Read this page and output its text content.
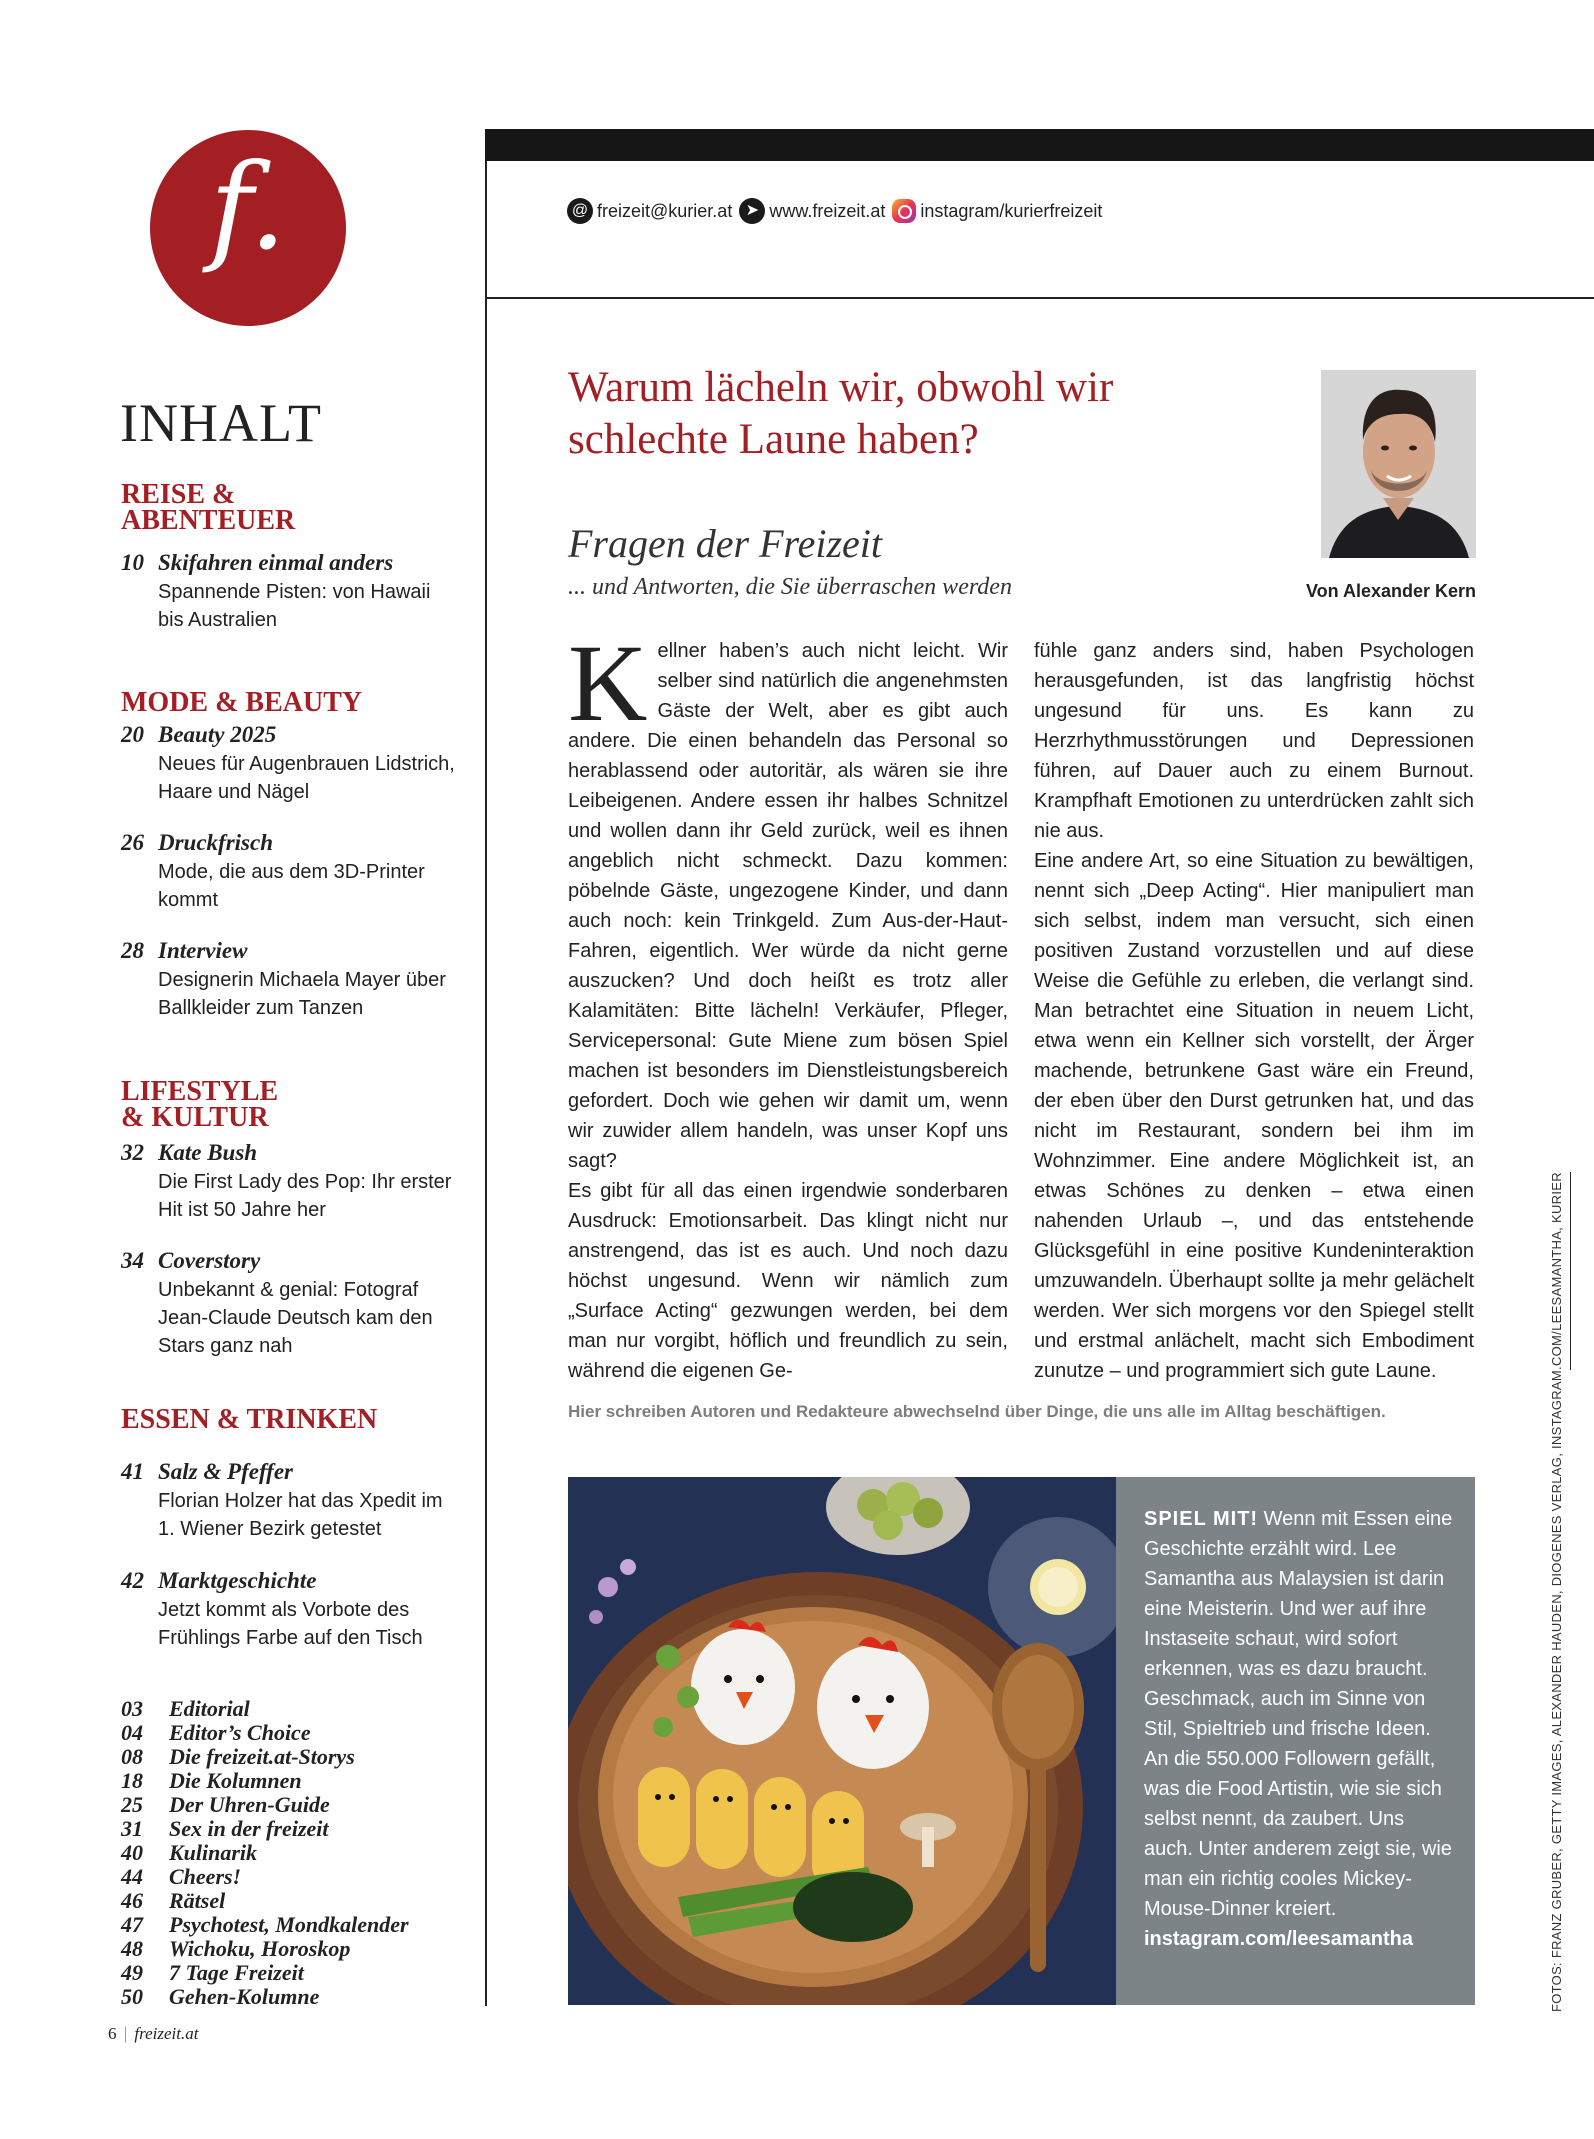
f.
INHALT
REISE &
ABENTEUER
10 Skifahren einmal anders
Spannende Pisten: von Hawaii bis Australien
MODE & BEAUTY
20 Beauty 2025
Neues für Augenbrauen Lidstrich, Haare und Nägel
26 Druckfrisch
Mode, die aus dem 3D-Printer kommt
28 Interview
Designerin Michaela Mayer über Ballkleider zum Tanzen
LIFESTYLE
& KULTUR
32 Kate Bush
Die First Lady des Pop: Ihr erster Hit ist 50 Jahre her
34 Coverstory
Unbekannt & genial: Fotograf Jean-Claude Deutsch kam den Stars ganz nah
ESSEN & TRINKEN
41 Salz & Pfeffer
Florian Holzer hat das Xpedit im 1. Wiener Bezirk getestet
42 Marktgeschichte
Jetzt kommt als Vorbote des Frühlings Farbe auf den Tisch
03 Editorial
04 Editor’s Choice
08 Die freizeit.at-Storys
18 Die Kolumnen
25 Der Uhren-Guide
31 Sex in der freizeit
40 Kulinarik
44 Cheers!
46 Rätsel
47 Psychotest, Mondkalender
48 Wichoku, Horoskop
49 7 Tage Freizeit
50 Gehen-Kolumne
6 | freizeit.at
@ freizeit@kurier.at ➤ www.freizeit.at instagram/kurierfreizeit
Warum lächeln wir, obwohl wir schlechte Laune haben?
Von Alexander Kern
Fragen der Freizeit
... und Antworten, die Sie überraschen werden
K ellner haben’s auch nicht leicht. Wir selber sind natürlich die angenehmsten Gäste der Welt, aber es gibt auch andere. Die einen behandeln das Personal so herablassend oder autoritär, als wären sie ihre Leibeigenen. Andere essen ihr halbes Schnitzel und wollen dann ihr Geld zurück, weil es ihnen angeblich nicht schmeckt. Dazu kommen: pöbelnde Gäste, ungezogene Kinder, und dann auch noch: kein Trinkgeld. Zum Aus-der-Haut-Fahren, eigentlich. Wer würde da nicht gerne auszucken? Und doch heißt es trotz aller Kalamitäten: Bitte lächeln! Verkäufer, Pfleger, Servicepersonal: Gute Miene zum bösen Spiel machen ist besonders im Dienstleistungsbereich gefordert. Doch wie gehen wir damit um, wenn wir zuwider allem handeln, was unser Kopf uns sagt?

Es gibt für all das einen irgendwie sonderbaren Ausdruck: Emotionsarbeit. Das klingt nicht nur anstrengend, das ist es auch. Und noch dazu höchst ungesund. Wenn wir nämlich zum „Surface Acting“ gezwungen werden, bei dem man nur vorgibt, höflich und freundlich zu sein, während die eigenen Ge-

fühle ganz anders sind, haben Psychologen herausgefunden, ist das langfristig höchst ungesund für uns. Es kann zu Herzrhythmusstörungen und Depressionen führen, auf Dauer auch zu einem Burnout. Krampfhaft Emotionen zu unterdrücken zahlt sich nie aus.

Eine andere Art, so eine Situation zu bewältigen, nennt sich „Deep Acting“. Hier manipuliert man sich selbst, indem man versucht, sich einen positiven Zustand vorzustellen und auf diese Weise die Gefühle zu erleben, die verlangt sind. Man betrachtet eine Situation in neuem Licht, etwa wenn ein Kellner sich vorstellt, der Ärger machende, betrunkene Gast wäre ein Freund, der eben über den Durst getrunken hat, und das nicht im Restaurant, sondern bei ihm im Wohnzimmer. Eine andere Möglichkeit ist, an etwas Schönes zu denken – etwa einen nahenden Urlaub –, und das entstehende Glücksgefühl in eine positive Kundeninteraktion umzuwandeln. Überhaupt sollte ja mehr gelächelt werden. Wer sich morgens vor den Spiegel stellt und erstmal anlächelt, macht sich Embodiment zunutze – und programmiert sich gute Laune.

Hier schreiben Autoren und Redakteure abwechselnd über Dinge, die uns alle im Alltag beschäftigen.
SPIEL MIT! Wenn mit Essen eine Geschichte erzählt wird. Lee Samantha aus Malaysien ist darin eine Meisterin. Und wer auf ihre Instaseite schaut, wird sofort erkennen, was es dazu braucht. Geschmack, auch im Sinne von Stil, Spieltrieb und frische Ideen. An die 550.000 Followern gefällt, was die Food Artistin, wie sie sich selbst nennt, da zaubert. Uns auch. Unter anderem zeigt sie, wie man ein richtig cooles Mickey-Mouse-Dinner kreiert.
instagram.com/leesamantha	FOTOS: FRANZ GRUBER, GETTY IMAGES, ALEXANDER HAUDEN, DIOGENES VERLAG, INSTAGRAM.COM/LEESAMANTHA, KURIER
